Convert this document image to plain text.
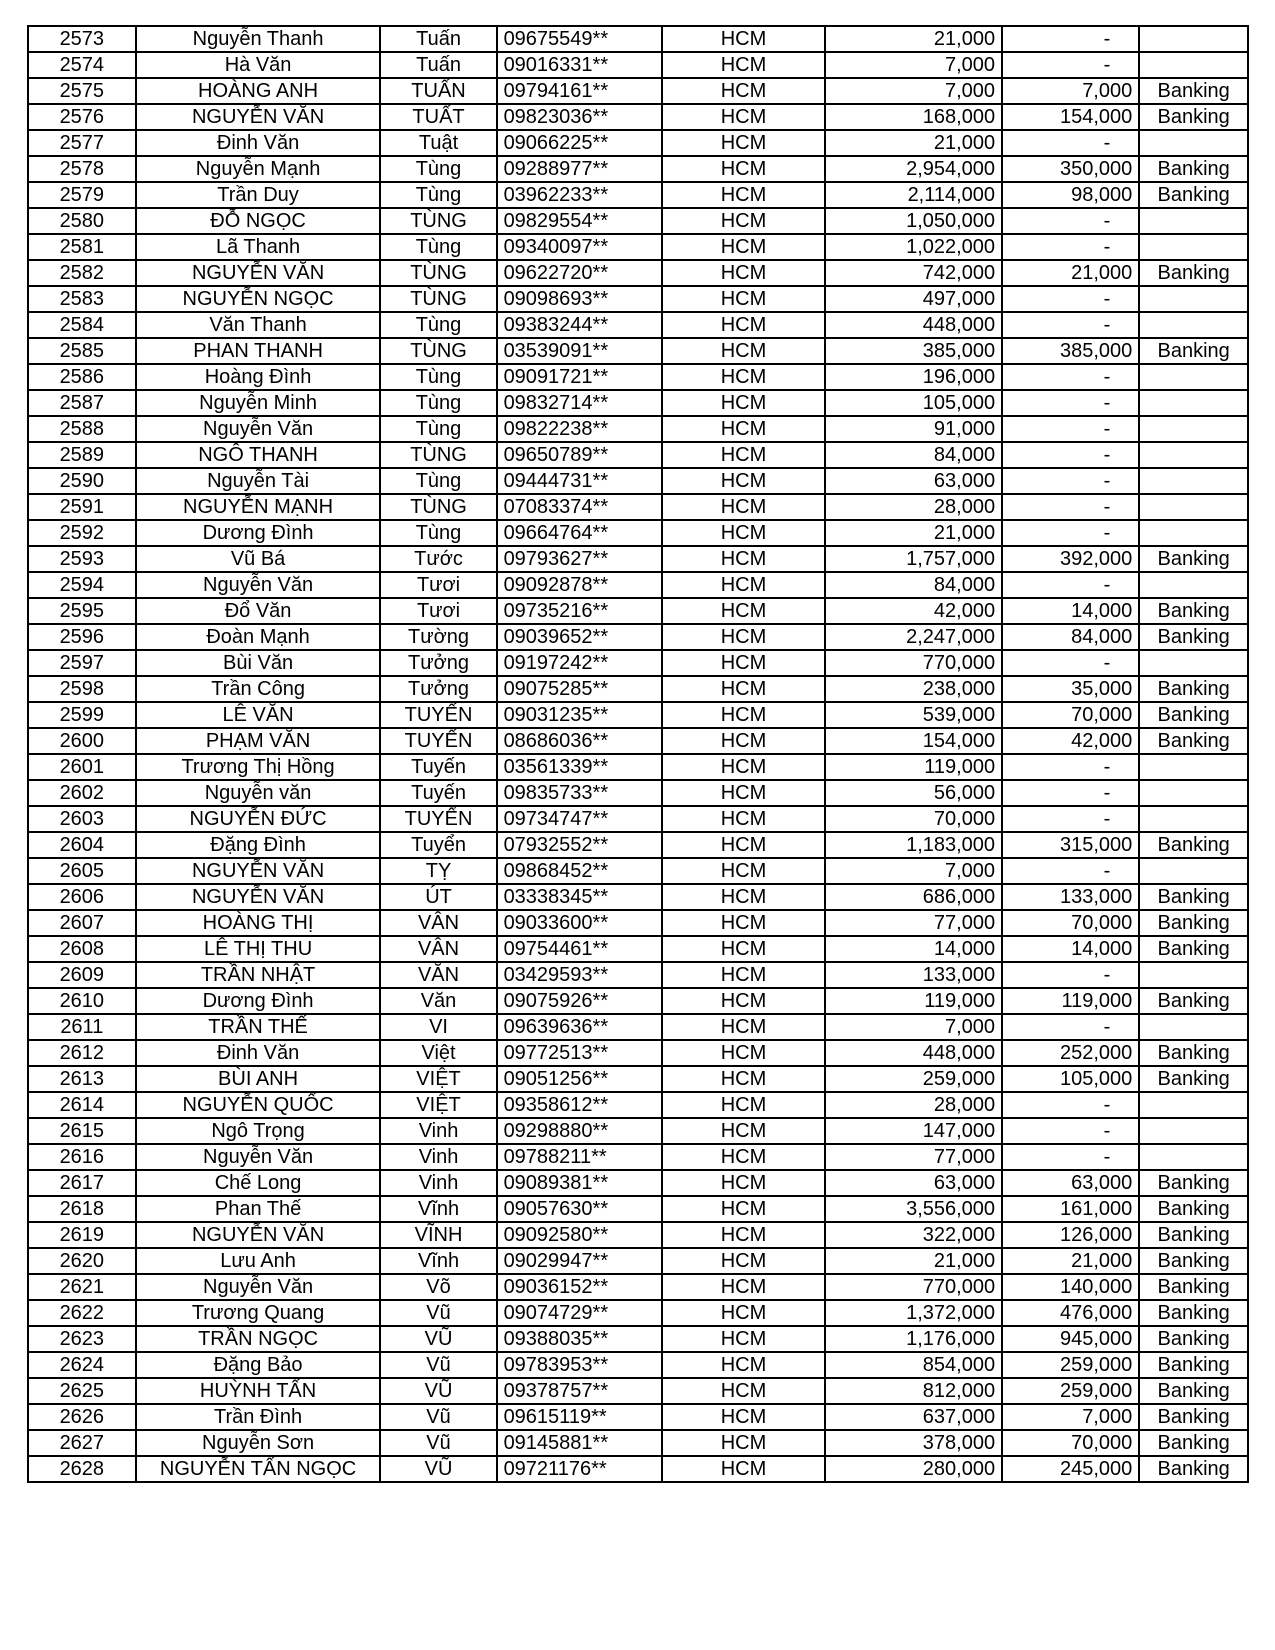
2573	Nguyễn Thanh	Tuấn	09675549**	HCM	21,000	-	
2574	Hà Văn	Tuấn	09016331**	HCM	7,000	-	
2575	HOÀNG ANH	TUẤN	09794161**	HCM	7,000	7,000	Banking
2576	NGUYỄN VĂN	TUẤT	09823036**	HCM	168,000	154,000	Banking
2577	Đinh Văn	Tuật	09066225**	HCM	21,000	-	
2578	Nguyễn Mạnh	Tùng	09288977**	HCM	2,954,000	350,000	Banking
2579	Trần Duy	Tùng	03962233**	HCM	2,114,000	98,000	Banking
2580	ĐỖ NGỌC	TÙNG	09829554**	HCM	1,050,000	-	
2581	Lã Thanh	Tùng	09340097**	HCM	1,022,000	-	
2582	NGUYỄN VĂN	TÙNG	09622720**	HCM	742,000	21,000	Banking
2583	NGUYỄN NGỌC	TÙNG	09098693**	HCM	497,000	-	
2584	Văn Thanh	Tùng	09383244**	HCM	448,000	-	
2585	PHAN THANH	TÙNG	03539091**	HCM	385,000	385,000	Banking
2586	Hoàng Đình	Tùng	09091721**	HCM	196,000	-	
2587	Nguyễn Minh	Tùng	09832714**	HCM	105,000	-	
2588	Nguyễn Văn	Tùng	09822238**	HCM	91,000	-	
2589	NGÔ THANH	TÙNG	09650789**	HCM	84,000	-	
2590	Nguyễn Tài	Tùng	09444731**	HCM	63,000	-	
2591	NGUYỄN MẠNH	TÙNG	07083374**	HCM	28,000	-	
2592	Dương Đình	Tùng	09664764**	HCM	21,000	-	
2593	Vũ Bá	Tước	09793627**	HCM	1,757,000	392,000	Banking
2594	Nguyễn Văn	Tươi	09092878**	HCM	84,000	-	
2595	Đổ Văn	Tươi	09735216**	HCM	42,000	14,000	Banking
2596	Đoàn Mạnh	Tường	09039652**	HCM	2,247,000	84,000	Banking
2597	Bùi Văn	Tưởng	09197242**	HCM	770,000	-	
2598	Trần Công	Tưởng	09075285**	HCM	238,000	35,000	Banking
2599	LÊ VĂN	TUYẾN	09031235**	HCM	539,000	70,000	Banking
2600	PHẠM VĂN	TUYẾN	08686036**	HCM	154,000	42,000	Banking
2601	Trương Thị Hồng	Tuyến	03561339**	HCM	119,000	-	
2602	Nguyễn văn	Tuyến	09835733**	HCM	56,000	-	
2603	NGUYỄN ĐỨC	TUYỂN	09734747**	HCM	70,000	-	
2604	Đặng Đình	Tuyển	07932552**	HCM	1,183,000	315,000	Banking
2605	NGUYỄN VĂN	TỴ	09868452**	HCM	7,000	-	
2606	NGUYỄN VĂN	ÚT	03338345**	HCM	686,000	133,000	Banking
2607	HOÀNG THỊ	VÂN	09033600**	HCM	77,000	70,000	Banking
2608	LÊ THỊ THU	VÂN	09754461**	HCM	14,000	14,000	Banking
2609	TRẦN NHẬT	VĂN	03429593**	HCM	133,000	-	
2610	Dương Đình	Văn	09075926**	HCM	119,000	119,000	Banking
2611	TRẦN THẾ	VI	09639636**	HCM	7,000	-	
2612	Đinh Văn	Việt	09772513**	HCM	448,000	252,000	Banking
2613	BÙI ANH	VIỆT	09051256**	HCM	259,000	105,000	Banking
2614	NGUYỄN QUỐC	VIỆT	09358612**	HCM	28,000	-	
2615	Ngô Trọng	Vinh	09298880**	HCM	147,000	-	
2616	Nguyễn Văn	Vinh	09788211**	HCM	77,000	-	
2617	Chế Long	Vinh	09089381**	HCM	63,000	63,000	Banking
2618	Phan Thế	Vĩnh	09057630**	HCM	3,556,000	161,000	Banking
2619	NGUYỄN VĂN	VĨNH	09092580**	HCM	322,000	126,000	Banking
2620	Lưu Anh	Vĩnh	09029947**	HCM	21,000	21,000	Banking
2621	Nguyễn Văn	Võ	09036152**	HCM	770,000	140,000	Banking
2622	Trương Quang	Vũ	09074729**	HCM	1,372,000	476,000	Banking
2623	TRẦN NGỌC	VŨ	09388035**	HCM	1,176,000	945,000	Banking
2624	Đặng Bảo	Vũ	09783953**	HCM	854,000	259,000	Banking
2625	HUỲNH TẤN	VŨ	09378757**	HCM	812,000	259,000	Banking
2626	Trần Đình	Vũ	09615119**	HCM	637,000	7,000	Banking
2627	Nguyễn Sơn	Vũ	09145881**	HCM	378,000	70,000	Banking
2628	NGUYỄN TẤN NGỌC	VŨ	09721176**	HCM	280,000	245,000	Banking
